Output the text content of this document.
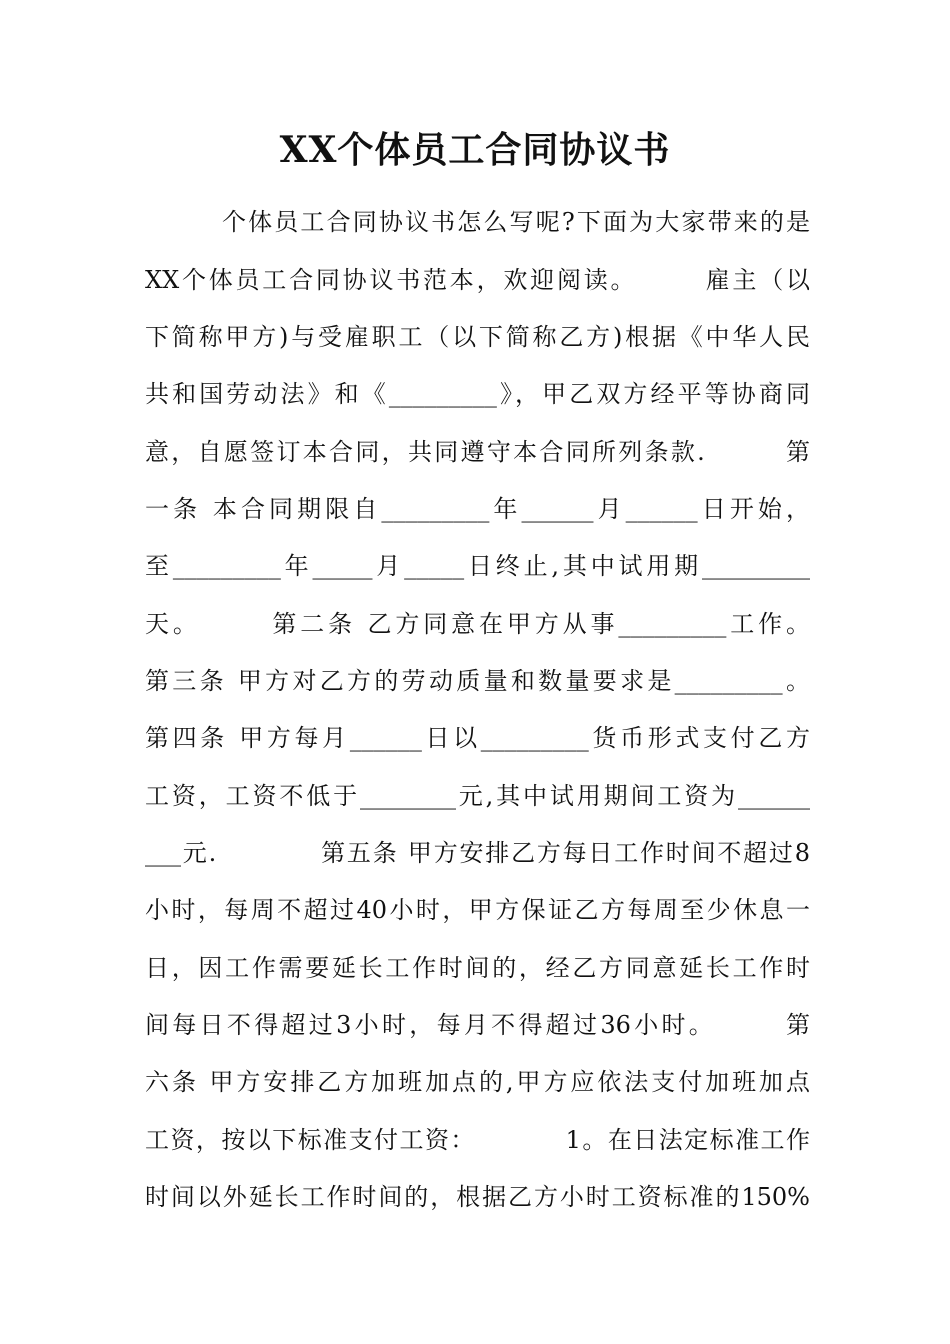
XX个体员工合同协议书
个体员工合同协议书怎么写呢?下面为大家带来的是
XX个体员工合同协议书范本，欢迎阅读。　　　雇主（以
下简称甲方)与受雇职工（以下简称乙方)根据《中华人民
共和国劳动法》和《_________》，甲乙双方经平等协商同
意，自愿签订本合同，共同遵守本合同所列条款.　　　第
一条 本合同期限自_________年______月______日开始，
至_________年_____月_____日终止,其中试用期_________
天。　　　第二条 乙方同意在甲方从事_________工作。
第三条 甲方对乙方的劳动质量和数量要求是_________。
第四条 甲方每月______日以_________货币形式支付乙方
工资，工资不低于________元,其中试用期间工资为______
___元.　　　　第五条 甲方安排乙方每日工作时间不超过8
小时，每周不超过40小时，甲方保证乙方每周至少休息一
日，因工作需要延长工作时间的，经乙方同意延长工作时
间每日不得超过3小时，每月不得超过36小时。　　　第
六条 甲方安排乙方加班加点的,甲方应依法支付加班加点
工资，按以下标准支付工资：　　　　1。在日法定标准工作
时间以外延长工作时间的，根据乙方小时工资标准的150%
